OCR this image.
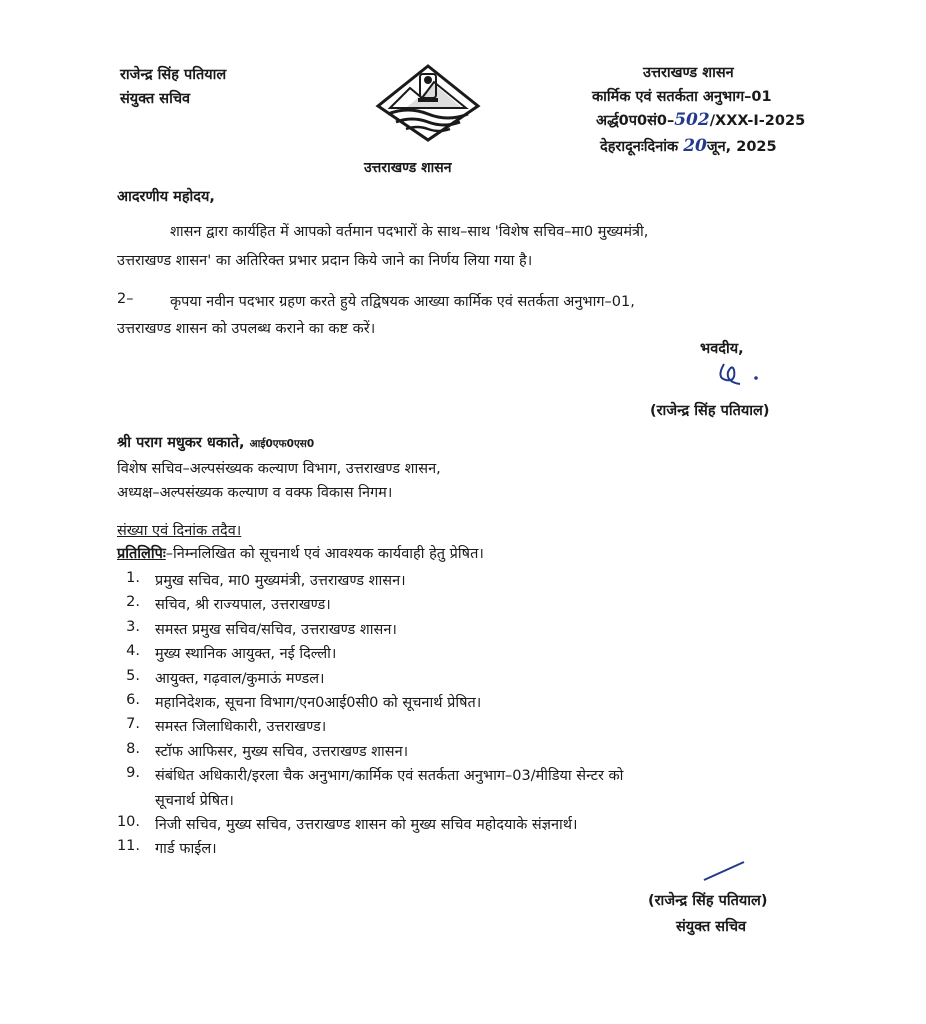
राजेन्द्र सिंह पतियाल
संयुक्त सचिव
उत्तराखण्ड शासन
उत्तराखण्ड शासन
कार्मिक एवं सतर्कता अनुभाग–01
अर्द्ध0प0सं0–502/XXX-I-2025
देहरादूनःदिनांक 20जून, 2025
आदरणीय महोदय,
शासन द्वारा कार्यहित में आपको वर्तमान पदभारों के साथ–साथ 'विशेष सचिव–मा0 मुख्यमंत्री,
उत्तराखण्ड शासन' का अतिरिक्त प्रभार प्रदान किये जाने का निर्णय लिया गया है।
2–	कृपया नवीन पदभार ग्रहण करते हुये तद्विषयक आख्या कार्मिक एवं सतर्कता अनुभाग–01,
उत्तराखण्ड शासन को उपलब्ध कराने का कष्ट करें।
भवदीय,
(राजेन्द्र सिंह पतियाल)
श्री पराग मधुकर धकाते, आई0एफ0एस0
विशेष सचिव–अल्पसंख्यक कल्याण विभाग, उत्तराखण्ड शासन,
अध्यक्ष–अल्पसंख्यक कल्याण व वक्फ विकास निगम।
संख्या एवं दिनांक तदैव।
प्रतिलिपिः–निम्नलिखित को सूचनार्थ एवं आवश्यक कार्यवाही हेतु प्रेषित।
1. प्रमुख सचिव, मा0 मुख्यमंत्री, उत्तराखण्ड शासन।
2. सचिव, श्री राज्यपाल, उत्तराखण्ड।
3. समस्त प्रमुख सचिव/सचिव, उत्तराखण्ड शासन।
4. मुख्य स्थानिक आयुक्त, नई दिल्ली।
5. आयुक्त, गढ़वाल/कुमाऊं मण्डल।
6. महानिदेशक, सूचना विभाग/एन0आई0सी0 को सूचनार्थ प्रेषित।
7. समस्त जिलाधिकारी, उत्तराखण्ड।
8. स्टॉफ आफिसर, मुख्य सचिव, उत्तराखण्ड शासन।
9. संबंधित अधिकारी/इरला चैक अनुभाग/कार्मिक एवं सतर्कता अनुभाग–03/मीडिया सेन्टर को
सूचनार्थ प्रेषित।
10. निजी सचिव, मुख्य सचिव, उत्तराखण्ड शासन को मुख्य सचिव महोदयाके संज्ञनार्थ।
11. गार्ड फाईल।
(राजेन्द्र सिंह पतियाल)
संयुक्त सचिव
